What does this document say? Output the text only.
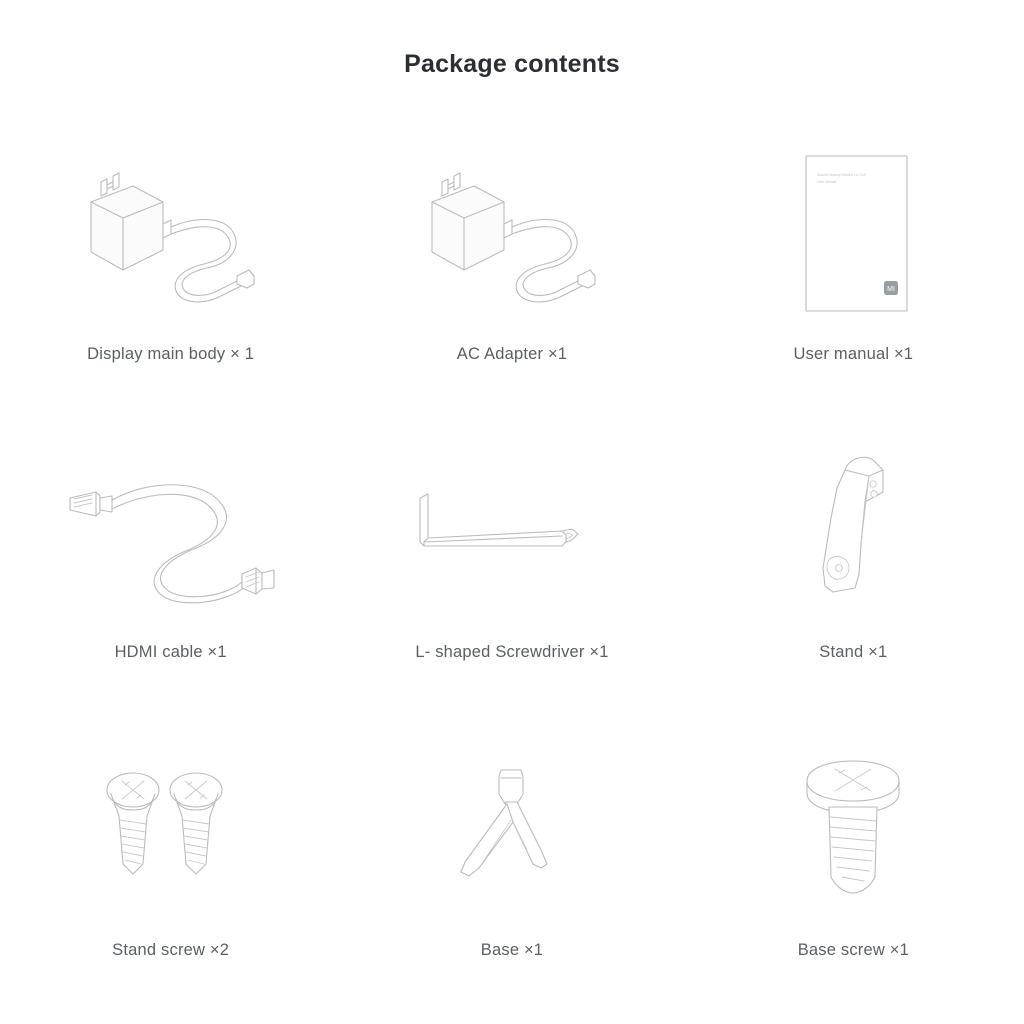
Package contents
Display main body × 1	AC Adapter ×1
Xiaomi Desktop Monitor 1A 23.8"
User Manual
MI
User manual ×1
HDMI cable ×1	L- shaped Screwdriver ×1	Stand ×1
Stand screw ×2	Base ×1	Base screw ×1
